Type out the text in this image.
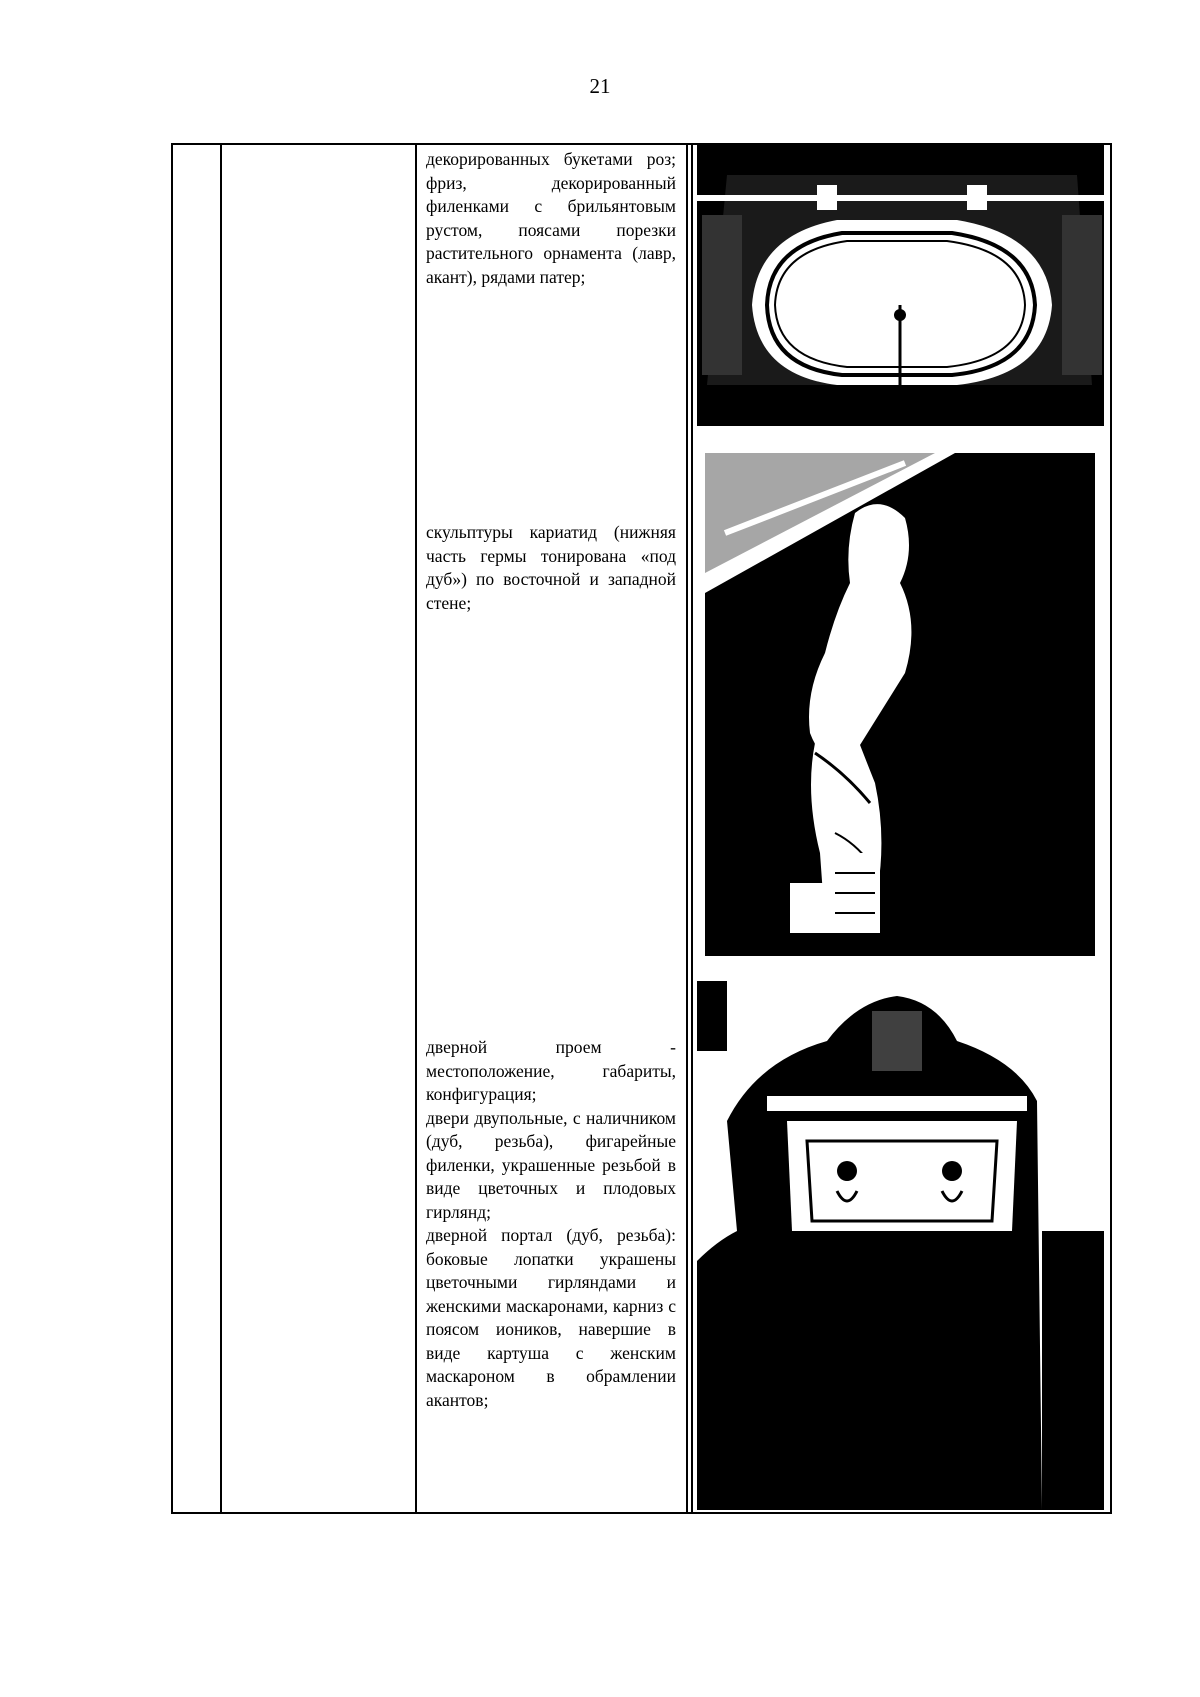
21

декорированных букетами роз; фриз, декорированный филенками с брильянтовым рустом, поясами порезки растительного орнамента (лавр, акант), рядами патер;

скульптуры кариатид (нижняя часть гермы тонирована «под дуб») по восточной и западной стене;

дверной проем - местоположение, габариты, конфигурация;

двери двупольные, с наличником (дуб, резьба), фигарейные филенки, украшенные резьбой в виде цветочных и плодовых гирлянд;

дверной портал (дуб, резьба): боковые лопатки украшены цветочными гирляндами и женскими маскаронами, карниз с поясом иоников, навершие в виде картуша с женским маскароном в обрамлении акантов;
